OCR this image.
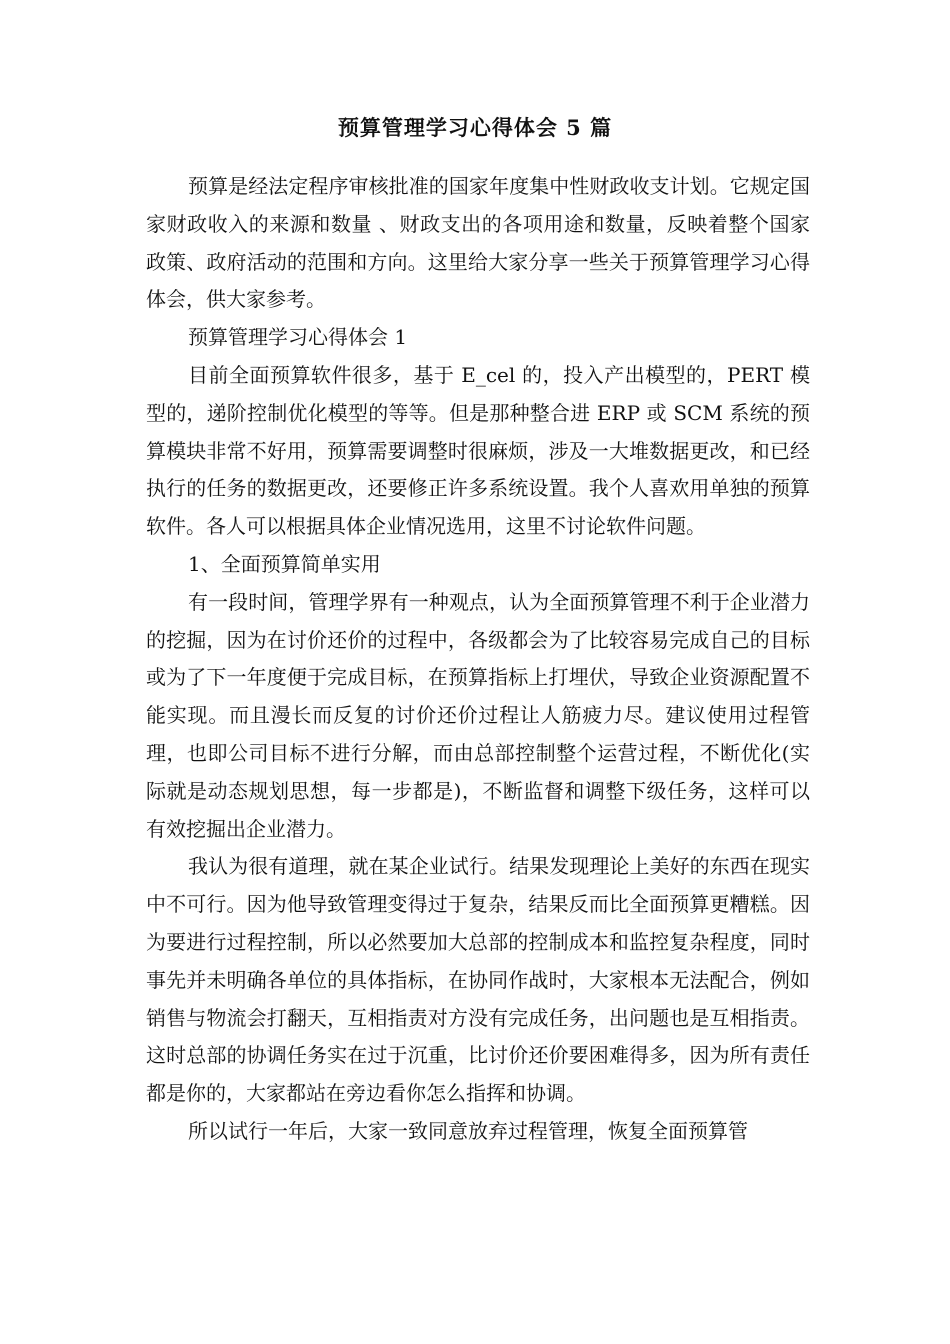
预算管理学习心得体会 5 篇

预算是经法定程序审核批准的国家年度集中性财政收支计划。它规定国家财政收入的来源和数量 、财政支出的各项用途和数量，反映着整个国家政策、政府活动的范围和方向。这里给大家分享一些关于预算管理学习心得体会，供大家参考。

预算管理学习心得体会 1

目前全面预算软件很多，基于 E_cel 的，投入产出模型的，PERT 模型的，递阶控制优化模型的等等。但是那种整合进 ERP 或 SCM 系统的预算模块非常不好用，预算需要调整时很麻烦，涉及一大堆数据更改，和已经执行的任务的数据更改，还要修正许多系统设置。我个人喜欢用单独的预算软件。各人可以根据具体企业情况选用，这里不讨论软件问题。

1、全面预算简单实用

有一段时间，管理学界有一种观点，认为全面预算管理不利于企业潜力的挖掘，因为在讨价还价的过程中，各级都会为了比较容易完成自己的目标或为了下一年度便于完成目标，在预算指标上打埋伏，导致企业资源配置不能实现。而且漫长而反复的讨价还价过程让人筋疲力尽。建议使用过程管理，也即公司目标不进行分解，而由总部控制整个运营过程，不断优化(实际就是动态规划思想，每一步都是)，不断监督和调整下级任务，这样可以有效挖掘出企业潜力。

我认为很有道理，就在某企业试行。结果发现理论上美好的东西在现实中不可行。因为他导致管理变得过于复杂，结果反而比全面预算更糟糕。因为要进行过程控制，所以必然要加大总部的控制成本和监控复杂程度，同时事先并未明确各单位的具体指标，在协同作战时，大家根本无法配合，例如销售与物流会打翻天，互相指责对方没有完成任务，出问题也是互相指责。这时总部的协调任务实在过于沉重，比讨价还价要困难得多，因为所有责任都是你的，大家都站在旁边看你怎么指挥和协调。

所以试行一年后，大家一致同意放弃过程管理，恢复全面预算管
